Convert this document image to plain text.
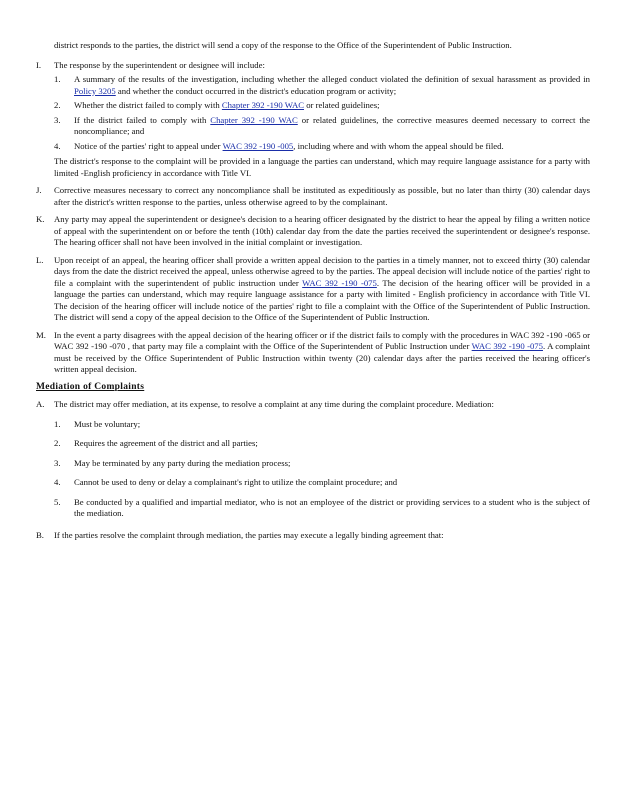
district responds to the parties, the district will send a copy of the response to the Office of the Superintendent of Public Instruction.

I. The response by the superintendent or designee will include:

1. A summary of the results of the investigation, including whether the alleged conduct violated the definition of sexual harassment as provided in Policy 3205 and whether the conduct occurred in the district's education program or activity;

2. Whether the district failed to comply with Chapter 392 -190 WAC or related guidelines;

3. If the district failed to comply with Chapter 392 -190 WAC or related guidelines, the corrective measures deemed necessary to correct the noncompliance; and

4. Notice of the parties' right to appeal under WAC 392 -190 -005, including where and with whom the appeal should be filed.

The district's response to the complaint will be provided in a language the parties can understand, which may require language assistance for a party with limited -English proficiency in accordance with Title VI.

J. Corrective measures necessary to correct any noncompliance shall be instituted as expeditiously as possible, but no later than thirty (30) calendar days after the district's written response to the parties, unless otherwise agreed to by the complainant.

K. Any party may appeal the superintendent or designee's decision to a hearing officer designated by the district to hear the appeal by filing a written notice of appeal with the superintendent on or before the tenth (10th) calendar day from the date the parties received the superintendent or designee's response. The hearing officer shall not have been involved in the initial complaint or investigation.

L. Upon receipt of an appeal, the hearing officer shall provide a written appeal decision to the parties in a timely manner, not to exceed thirty (30) calendar days from the date the district received the appeal, unless otherwise agreed to by the parties. The appeal decision will include notice of the parties' right to file a complaint with the superintendent of public instruction under WAC 392 -190 -075. The decision of the hearing officer will be provided in a language the parties can understand, which may require language assistance for a party with limited - English proficiency in accordance with Title VI. The decision of the hearing officer will include notice of the parties' right to file a complaint with the Office of the Superintendent of Public Instruction. The district will send a copy of the appeal decision to the Office of the Superintendent of Public Instruction.

M. In the event a party disagrees with the appeal decision of the hearing officer or if the district fails to comply with the procedures in WAC 392 -190 -065 or WAC 392 -190 -070 , that party may file a complaint with the Office of the Superintendent of Public Instruction under WAC 392 -190 -075. A complaint must be received by the Office Superintendent of Public Instruction within twenty (20) calendar days after the parties received the hearing officer's written appeal decision.

Mediation of Complaints
A. The district may offer mediation, at its expense, to resolve a complaint at any time during the complaint procedure. Mediation:

1. Must be voluntary;

2. Requires the agreement of the district and all parties;

3. May be terminated by any party during the mediation process;

4. Cannot be used to deny or delay a complainant's right to utilize the complaint procedure; and

5. Be conducted by a qualified and impartial mediator, who is not an employee of the district or providing services to a student who is the subject of the mediation.

B. If the parties resolve the complaint through mediation, the parties may execute a legally binding agreement that:
